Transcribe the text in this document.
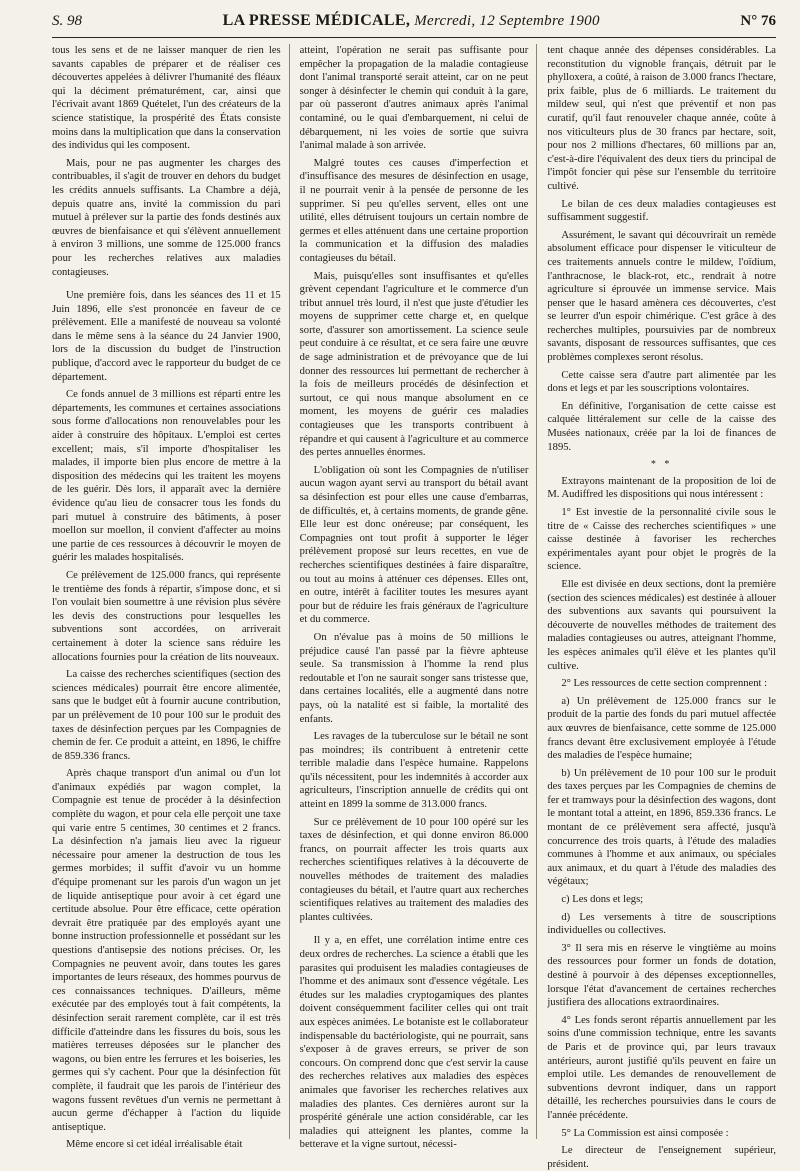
S. 98	LA PRESSE MÉDICALE, Mercredi, 12 Septembre 1900	N° 76

tous les sens et de ne laisser manquer de rien les savants capables de préparer et de réaliser ces découvertes appelées à délivrer l'humanité des fléaux qui la déciment prématurément, car, ainsi que l'écrivait avant 1869 Quételet, l'un des créateurs de la science statistique, la prospérité des États consiste moins dans la multiplication que dans la conservation des individus qui les composent.

Mais, pour ne pas augmenter les charges des contribuables, il s'agit de trouver en dehors du budget les crédits annuels suffisants. La Chambre a déjà, depuis quatre ans, invité la commission du pari mutuel à prélever sur la partie des fonds destinés aux œuvres de bienfaisance et qui s'élèvent annuellement à environ 3 millions, une somme de 125.000 francs pour les recherches relatives aux maladies contagieuses.

Une première fois, dans les séances des 11 et 15 Juin 1896, elle s'est prononcée en faveur de ce prélèvement. Elle a manifesté de nouveau sa volonté dans le même sens à la séance du 24 Janvier 1900, lors de la discussion du budget de l'instruction publique, d'accord avec le rapporteur du budget de ce département.

Ce fonds annuel de 3 millions est réparti entre les départements, les communes et certaines associations sous forme d'allocations non renouvelables pour les aider à construire des hôpitaux. L'emploi est certes excellent; mais, s'il importe d'hospitaliser les malades, il importe bien plus encore de mettre à la disposition des médecins qui les traitent les moyens de les guérir. Dès lors, il apparaît avec la dernière évidence qu'au lieu de consacrer tous les fonds du pari mutuel à construire des bâtiments, à poser moellon sur moellon, il convient d'affecter au moins une partie de ces ressources à découvrir le moyen de guérir les malades hospitalisés.

Ce prélèvement de 125.000 francs, qui représente le trentième des fonds à répartir, s'impose donc, et si l'on voulait bien soumettre à une révision plus sévère les devis des constructions pour lesquelles les subventions sont accordées, on arriverait certainement à doter la science sans réduire les allocations fournies pour la création de lits nouveaux.

La caisse des recherches scientifiques (section des sciences médicales) pourrait être encore alimentée, sans que le budget eût à fournir aucune contribution, par un prélèvement de 10 pour 100 sur le produit des taxes de désinfection perçues par les Compagnies de chemin de fer. Ce produit a atteint, en 1896, le chiffre de 859.336 francs.

Après chaque transport d'un animal ou d'un lot d'animaux expédiés par wagon complet, la Compagnie est tenue de procéder à la désinfection complète du wagon, et pour cela elle perçoit une taxe qui varie entre 5 centimes, 30 centimes et 2 francs. La désinfection n'a jamais lieu avec la rigueur nécessaire pour amener la destruction de tous les germes morbides; il suffit d'avoir vu un homme d'équipe promenant sur les parois d'un wagon un jet de liquide antiseptique pour avoir à cet égard une certitude absolue. Pour être efficace, cette opération devrait être pratiquée par des employés ayant une bonne instruction professionnelle et possédant sur les questions d'antisepsie des notions précises. Or, les Compagnies ne peuvent avoir, dans toutes les gares importantes de leurs réseaux, des hommes pourvus de ces connaissances techniques. D'ailleurs, même exécutée par des employés tout à fait compétents, la désinfection serait rarement complète, car il est très difficile d'atteindre dans les fissures du bois, sous les matières terreuses déposées sur le plancher des wagons, ou bien entre les ferrures et les boiseries, les germes qui s'y cachent. Pour que la désinfection fût complète, il faudrait que les parois de l'intérieur des wagons fussent revêtues d'un vernis ne permettant à aucun germe d'échapper à l'action du liquide antiseptique.

Même encore si cet idéal irréalisable était

atteint, l'opération ne serait pas suffisante pour empêcher la propagation de la maladie contagieuse dont l'animal transporté serait atteint, car on ne peut songer à désinfecter le chemin qui conduit à la gare, par où passeront d'autres animaux après l'animal contaminé, ou le quai d'embarquement, ni celui de débarquement, ni les voies de sortie que suivra l'animal malade à son arrivée.

Malgré toutes ces causes d'imperfection et d'insuffisance des mesures de désinfection en usage, il ne pourrait venir à la pensée de personne de les supprimer. Si peu qu'elles servent, elles ont une utilité, elles détruisent toujours un certain nombre de germes et elles atténuent dans une certaine proportion la communication et la diffusion des maladies contagieuses du bétail.

Mais, puisqu'elles sont insuffisantes et qu'elles grèvent cependant l'agriculture et le commerce d'un tribut annuel très lourd, il n'est que juste d'étudier les moyens de supprimer cette charge et, en quelque sorte, d'assurer son amortissement. La science seule peut conduire à ce résultat, et ce sera faire une œuvre de sage administration et de prévoyance que de lui donner des ressources lui permettant de rechercher à la fois de meilleurs procédés de désinfection et surtout, ce qui nous manque absolument en ce moment, les moyens de guérir ces maladies contagieuses que les transports contribuent à répandre et qui causent à l'agriculture et au commerce des pertes annuelles énormes.

L'obligation où sont les Compagnies de n'utiliser aucun wagon ayant servi au transport du bétail avant sa désinfection est pour elles une cause d'embarras, de difficultés, et, à certains moments, de grande gêne. Elle leur est donc onéreuse; par conséquent, les Compagnies ont tout profit à supporter le léger prélèvement proposé sur leurs recettes, en vue de recherches scientifiques destinées à faire disparaître, ou tout au moins à atténuer ces dépenses. Elles ont, en outre, intérêt à faciliter toutes les mesures ayant pour but de réduire les frais généraux de l'agriculture et du commerce.

On n'évalue pas à moins de 50 millions le préjudice causé l'an passé par la fièvre aphteuse seule. Sa transmission à l'homme la rend plus redoutable et l'on ne saurait songer sans tristesse que, dans certaines localités, elle a augmenté dans notre pays, où la natalité est si faible, la mortalité des enfants.

Les ravages de la tuberculose sur le bétail ne sont pas moindres; ils contribuent à entretenir cette terrible maladie dans l'espèce humaine. Rappelons qu'ils nécessitent, pour les indemnités à accorder aux agriculteurs, l'inscription annuelle de crédits qui ont atteint en 1899 la somme de 313.000 francs.

Sur ce prélèvement de 10 pour 100 opéré sur les taxes de désinfection, et qui donne environ 86.000 francs, on pourrait affecter les trois quarts aux recherches scientifiques relatives à la découverte de nouvelles méthodes de traitement des maladies contagieuses du bétail, et l'autre quart aux recherches scientifiques relatives au traitement des maladies des plantes cultivées.

Il y a, en effet, une corrélation intime entre ces deux ordres de recherches. La science a établi que les parasites qui produisent les maladies contagieuses de l'homme et des animaux sont d'essence végétale. Les études sur les maladies cryptogamiques des plantes doivent conséquemment faciliter celles qui ont trait aux espèces animées. Le botaniste est le collaborateur indispensable du bactériologiste, qui ne pourrait, sans s'exposer à de graves erreurs, se priver de son concours. On comprend donc que c'est servir la cause des recherches relatives aux maladies des espèces animales que favoriser les recherches relatives aux maladies des plantes. Ces dernières auront sur la prospérité générale une action considérable, car les maladies qui atteignent les plantes, comme la betterave et la vigne surtout, nécessi-

tent chaque année des dépenses considérables. La reconstitution du vignoble français, détruit par le phylloxera, a coûté, à raison de 3.000 francs l'hectare, prix faible, plus de 6 milliards. Le traitement du mildew seul, qui n'est que préventif et non pas curatif, qu'il faut renouveler chaque année, coûte à nos viticulteurs plus de 30 francs par hectare, soit, pour nos 2 millions d'hectares, 60 millions par an, c'est-à-dire l'équivalent des deux tiers du principal de l'impôt foncier qui pèse sur l'ensemble du territoire cultivé.

Le bilan de ces deux maladies contagieuses est suffisamment suggestif.

Assurément, le savant qui découvrirait un remède absolument efficace pour dispenser le viticulteur de ces traitements annuels contre le mildew, l'oïdium, l'anthracnose, le black-rot, etc., rendrait à notre agriculture si éprouvée un immense service. Mais penser que le hasard amènera ces découvertes, c'est se leurrer d'un espoir chimérique. C'est grâce à des recherches multiples, poursuivies par de nombreux savants, disposant de ressources suffisantes, que ces problèmes complexes seront résolus.

Cette caisse sera d'autre part alimentée par les dons et legs et par les souscriptions volontaires.

En définitive, l'organisation de cette caisse est calquée littéralement sur celle de la caisse des Musées nationaux, créée par la loi de finances de 1895.

* *

Extrayons maintenant de la proposition de loi de M. Audiffred les dispositions qui nous intéressent :

1° Est investie de la personnalité civile sous le titre de « Caisse des recherches scientifiques » une caisse destinée à favoriser les recherches expérimentales ayant pour objet le progrès de la science.

Elle est divisée en deux sections, dont la première (section des sciences médicales) est destinée à allouer des subventions aux savants qui poursuivent la découverte de nouvelles méthodes de traitement des maladies contagieuses ou autres, atteignant l'homme, les espèces animales qu'il élève et les plantes qu'il cultive.

2° Les ressources de cette section comprennent :

a) Un prélèvement de 125.000 francs sur le produit de la partie des fonds du pari mutuel affectée aux œuvres de bienfaisance, cette somme de 125.000 francs devant être exclusivement employée à l'étude des maladies de l'espèce humaine;

b) Un prélèvement de 10 pour 100 sur le produit des taxes perçues par les Compagnies de chemins de fer et tramways pour la désinfection des wagons, dont le montant total a atteint, en 1896, 859.336 francs. Le montant de ce prélèvement sera affecté, jusqu'à concurrence des trois quarts, à l'étude des maladies communes à l'homme et aux animaux, ou spéciales aux animaux, et du quart à l'étude des maladies des végétaux;

c) Les dons et legs;

d) Les versements à titre de souscriptions individuelles ou collectives.

3° Il sera mis en réserve le vingtième au moins des ressources pour former un fonds de dotation, destiné à pourvoir à des dépenses exceptionnelles, lorsque l'état d'avancement de certaines recherches justifiera des allocations extraordinaires.

4° Les fonds seront répartis annuellement par les soins d'une commission technique, entre les savants de Paris et de province qui, par leurs travaux antérieurs, auront justifié qu'ils peuvent en faire un emploi utile. Les demandes de renouvellement de subventions devront indiquer, dans un rapport détaillé, les recherches poursuivies dans le cours de l'année précédente.

5° La Commission est ainsi composée :

Le directeur de l'enseignement supérieur, président.
